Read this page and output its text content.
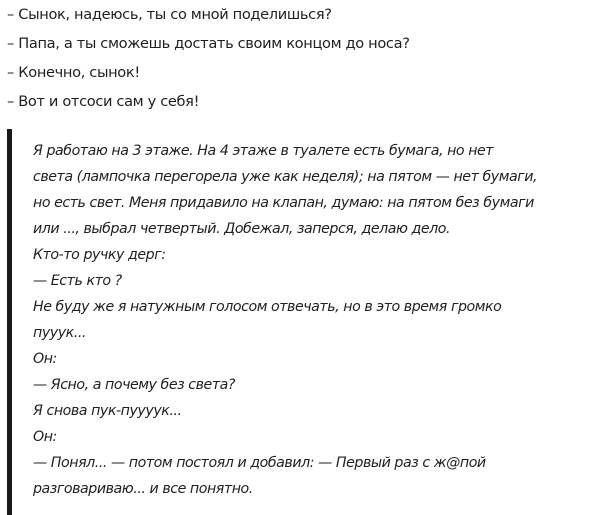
– Сынок, надеюсь, ты со мной поделишься?
– Папа, а ты сможешь достать своим концом до носа?
– Конечно, сынок!
– Вот и отсоси сам у себя!
Я работаю на 3 этаже. На 4 этаже в туалете есть бумага, но нет
света (лампочка перегорела уже как неделя); на пятом — нет бумаги,
но есть свет. Меня придавило на клапан, думаю: на пятом без бумаги
или ..., выбрал четвертый. Добежал, заперся, делаю дело.
Кто-то ручку дерг:
— Есть кто ?
Не буду же я натужным голосом отвечать, но в это время громко
пууук...
Он:
— Ясно, а почему без света?
Я снова пук-пуууук...
Он:
— Понял... — потом постоял и добавил: — Первый раз с ж@пой
разговариваю... и все понятно.
